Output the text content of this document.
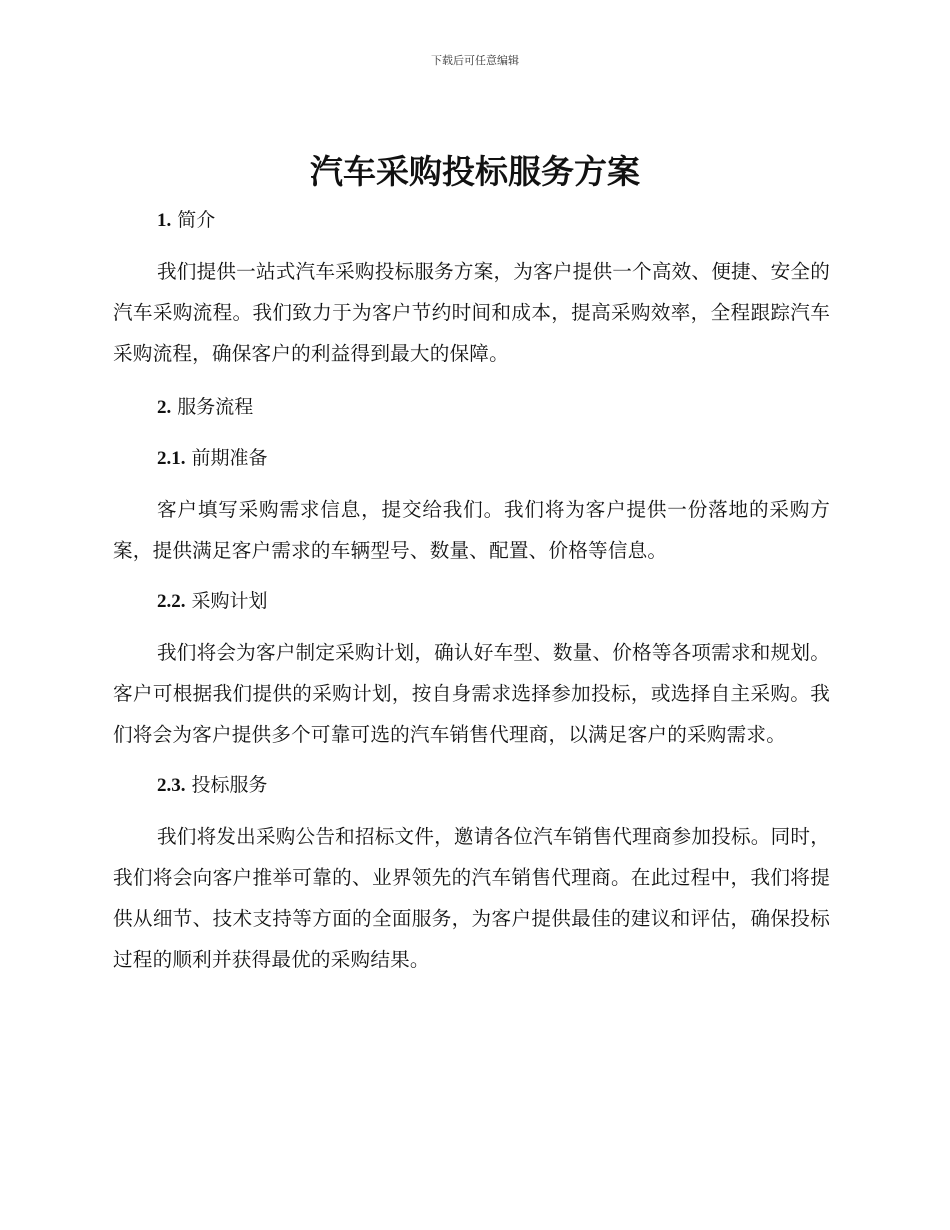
下载后可任意编辑
汽车采购投标服务方案
1. 简介

我们提供一站式汽车采购投标服务方案，为客户提供一个高效、便捷、安全的汽车采购流程。我们致力于为客户节约时间和成本，提高采购效率，全程跟踪汽车采购流程，确保客户的利益得到最大的保障。

2. 服务流程
2.1. 前期准备

客户填写采购需求信息，提交给我们。我们将为客户提供一份落地的采购方案，提供满足客户需求的车辆型号、数量、配置、价格等信息。

2.2. 采购计划

我们将会为客户制定采购计划，确认好车型、数量、价格等各项需求和规划。客户可根据我们提供的采购计划，按自身需求选择参加投标，或选择自主采购。我们将会为客户提供多个可靠可选的汽车销售代理商，以满足客户的采购需求。

2.3. 投标服务

我们将发出采购公告和招标文件，邀请各位汽车销售代理商参加投标。同时，我们将会向客户推举可靠的、业界领先的汽车销售代理商。在此过程中，我们将提供从细节、技术支持等方面的全面服务，为客户提供最佳的建议和评估，确保投标过程的顺利并获得最优的采购结果。
